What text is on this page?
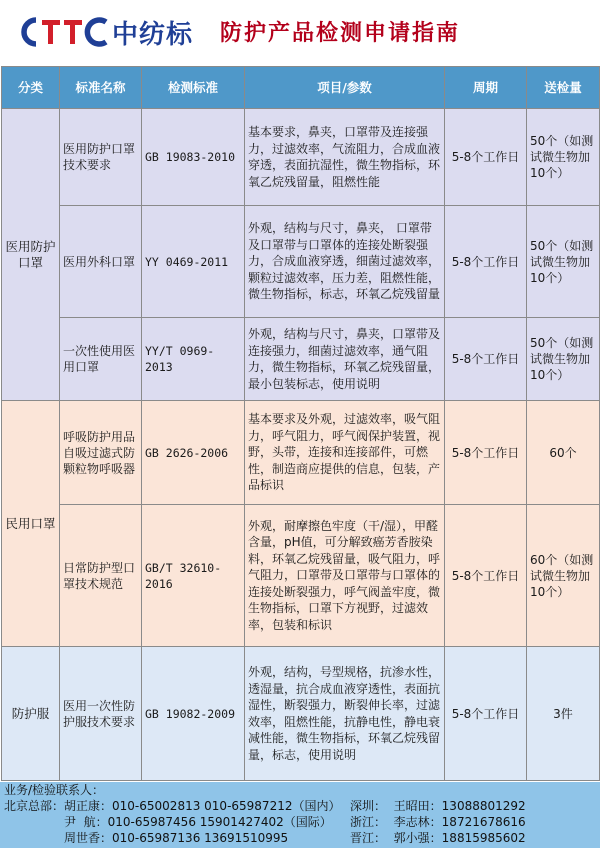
中纺标 防护产品检测申请指南
分类	标准名称	检测标准	项目/参数	周期	送检量
医用防护口罩	医用防护口罩技术要求	GB 19083-2010	基本要求，鼻夹，口罩带及连接强力，过滤效率，气流阻力，合成血液穿透，表面抗湿性，微生物指标，环氧乙烷残留量，阻燃性能	5-8个工作日	50个（如测试微生物加10个）
	医用外科口罩	YY 0469-2011	外观，结构与尺寸，鼻夹， 口罩带及口罩带与口罩体的连接处断裂强力，合成血液穿透，细菌过滤效率，颗粒过滤效率，压力差，阻燃性能，微生物指标，标志，环氧乙烷残留量	5-8个工作日	50个（如测试微生物加10个）
	一次性使用医用口罩	YY/T 0969-2013	外观，结构与尺寸，鼻夹，口罩带及连接强力，细菌过滤效率，通气阻力，微生物指标，环氧乙烷残留量，最小包装标志，使用说明	5-8个工作日	50个（如测试微生物加10个）
民用口罩	呼吸防护用品自吸过滤式防颗粒物呼吸器	GB 2626-2006	基本要求及外观，过滤效率，吸气阻力，呼气阻力，呼气阀保护装置，视野，头带，连接和连接部件，可燃性，制造商应提供的信息，包装，产品标识	5-8个工作日	60个
	日常防护型口罩技术规范	GB/T 32610-2016	外观，耐摩擦色牢度（干/湿），甲醛含量，pH值，可分解致癌芳香胺染料，环氧乙烷残留量，吸气阻力，呼气阻力，口罩带及口罩带与口罩体的连接处断裂强力，呼气阀盖牢度，微生物指标，口罩下方视野，过滤效率，包装和标识	5-8个工作日	60个（如测试微生物加10个）
防护服	医用一次性防护服技术要求	GB 19082-2009	外观，结构，号型规格，抗渗水性，透湿量，抗合成血液穿透性，表面抗湿性，断裂强力，断裂伸长率，过滤效率，阻燃性能，抗静电性，静电衰减性能，微生物指标，环氧乙烷残留量，标志，使用说明	5-8个工作日	3件
业务/检验联系人：
北京总部：胡正康：010-65002813 010-65987212（国内）
尹  航：010-65987456 15901427402（国际）
周世香：010-65987136 13691510995
深圳： 王昭田：13088801292
浙江： 李志林：18721678616
晋江： 郭小强：18815985602
